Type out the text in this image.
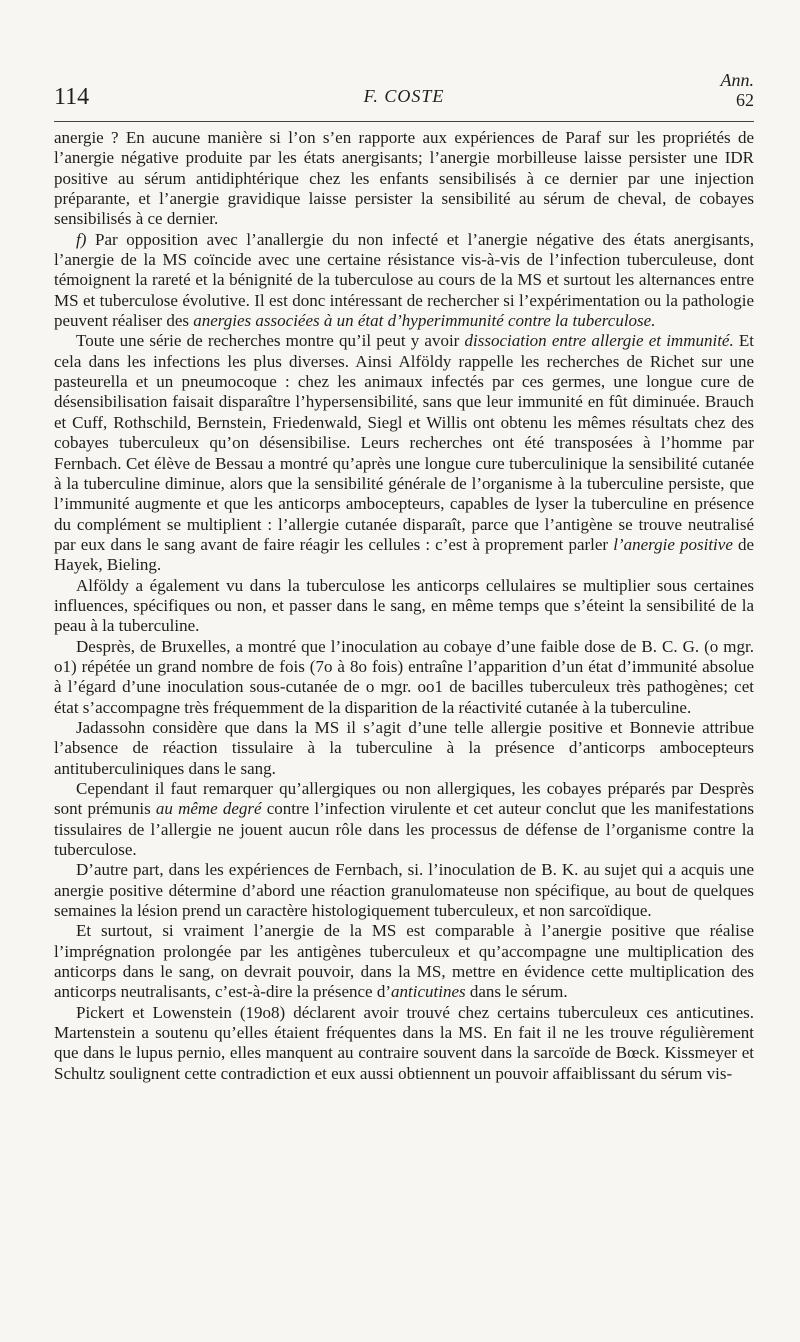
114	F. COSTE
Ann.
62

anergie ? En aucune manière si l’on s’en rapporte aux expériences de Paraf sur les propriétés de l’anergie négative produite par les états anergisants; l’anergie morbilleuse laisse persister une IDR positive au sérum antidiphtérique chez les enfants sensibilisés à ce dernier par une injection préparante, et l’anergie gravidique laisse persister la sensibilité au sérum de cheval, de cobayes sensibilisés à ce dernier.

f) Par opposition avec l’anallergie du non infecté et l’anergie négative des états anergisants, l’anergie de la MS coïncide avec une certaine résistance vis-à-vis de l’infection tuberculeuse, dont témoignent la rareté et la bénignité de la tuberculose au cours de la MS et surtout les alternances entre MS et tuberculose évolutive. Il est donc intéressant de rechercher si l’expérimentation ou la pathologie peuvent réaliser des anergies associées à un état d’hyperimmunité contre la tuberculose.

Toute une série de recherches montre qu’il peut y avoir dissociation entre allergie et immunité. Et cela dans les infections les plus diverses. Ainsi Alföldy rappelle les recherches de Richet sur une pasteurella et un pneumocoque : chez les animaux infectés par ces germes, une longue cure de désensibilisation faisait disparaître l’hypersensibilité, sans que leur immunité en fût diminuée. Brauch et Cuff, Rothschild, Bernstein, Friedenwald, Siegl et Willis ont obtenu les mêmes résultats chez des cobayes tuberculeux qu’on désensibilise. Leurs recherches ont été transposées à l’homme par Fernbach. Cet élève de Bessau a montré qu’après une longue cure tuberculinique la sensibilité cutanée à la tuberculine diminue, alors que la sensibilité générale de l’organisme à la tuberculine persiste, que l’immunité augmente et que les anticorps ambocepteurs, capables de lyser la tuberculine en présence du complément se multiplient : l’allergie cutanée disparaît, parce que l’antigène se trouve neutralisé par eux dans le sang avant de faire réagir les cellules : c’est à proprement parler l’anergie positive de Hayek, Bieling.

Alföldy a également vu dans la tuberculose les anticorps cellulaires se multiplier sous certaines influences, spécifiques ou non, et passer dans le sang, en même temps que s’éteint la sensibilité de la peau à la tuberculine.

Desprès, de Bruxelles, a montré que l’inoculation au cobaye d’une faible dose de B. C. G. (o mgr. o1) répétée un grand nombre de fois (7o à 8o fois) entraîne l’apparition d’un état d’immunité absolue à l’égard d’une inoculation sous-cutanée de o mgr. oo1 de bacilles tuberculeux très pathogènes; cet état s’accompagne très fréquemment de la disparition de la réactivité cutanée à la tuberculine.

Jadassohn considère que dans la MS il s’agit d’une telle allergie positive et Bonnevie attribue l’absence de réaction tissulaire à la tuberculine à la présence d’anticorps ambocepteurs antituberculiniques dans le sang.

Cependant il faut remarquer qu’allergiques ou non allergiques, les cobayes préparés par Desprès sont prémunis au même degré contre l’infection virulente et cet auteur conclut que les manifestations tissulaires de l’allergie ne jouent aucun rôle dans les processus de défense de l’organisme contre la tuberculose.

D’autre part, dans les expériences de Fernbach, si. l’inoculation de B. K. au sujet qui a acquis une anergie positive détermine d’abord une réaction granulomateuse non spécifique, au bout de quelques semaines la lésion prend un caractère histologiquement tuberculeux, et non sarcoïdique.

Et surtout, si vraiment l’anergie de la MS est comparable à l’anergie positive que réalise l’imprégnation prolongée par les antigènes tuberculeux et qu’accompagne une multiplication des anticorps dans le sang, on devrait pouvoir, dans la MS, mettre en évidence cette multiplication des anticorps neutralisants, c’est-à-dire la présence d’anticutines dans le sérum.

Pickert et Lowenstein (19o8) déclarent avoir trouvé chez certains tuberculeux ces anticutines. Martenstein a soutenu qu’elles étaient fréquentes dans la MS. En fait il ne les trouve régulièrement que dans le lupus pernio, elles manquent au contraire souvent dans la sarcoïde de Bœck. Kissmeyer et Schultz soulignent cette contradiction et eux aussi obtiennent un pouvoir affaiblissant du sérum vis-
